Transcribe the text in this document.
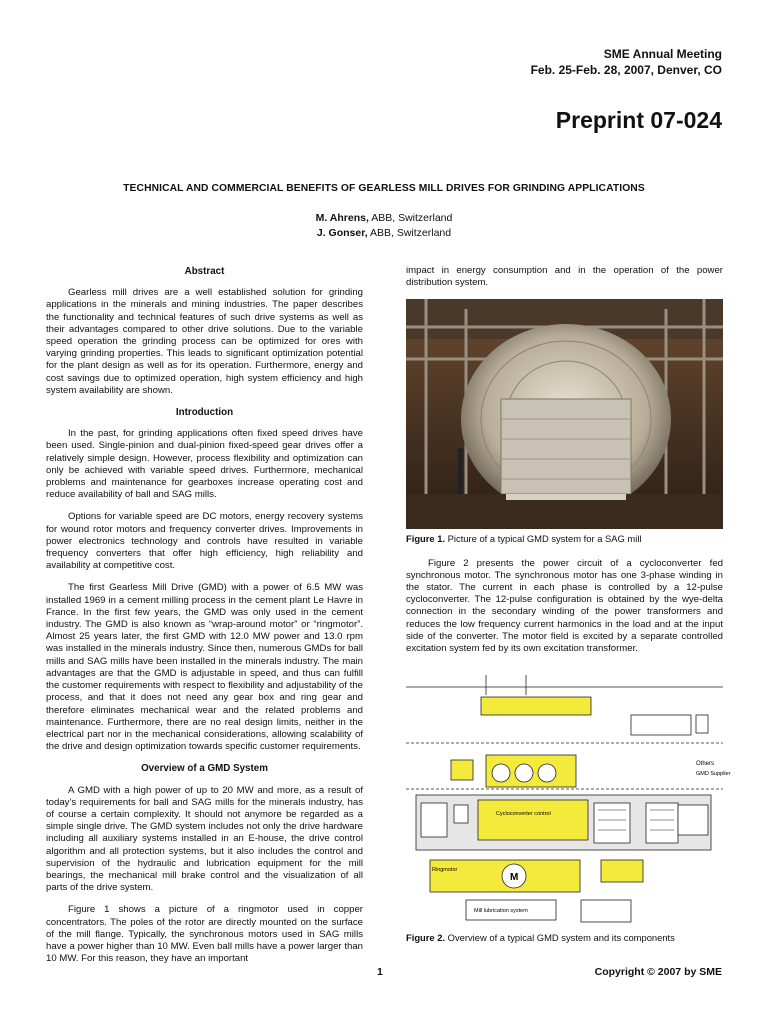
SME Annual Meeting
Feb. 25-Feb. 28, 2007, Denver, CO
Preprint 07-024
TECHNICAL AND COMMERCIAL BENEFITS OF GEARLESS MILL DRIVES FOR GRINDING APPLICATIONS
M. Ahrens, ABB, Switzerland
J. Gonser, ABB, Switzerland
Abstract

Gearless mill drives are a well established solution for grinding applications in the minerals and mining industries. The paper describes the functionality and technical features of such drive systems as well as their advantages compared to other drive solutions. Due to the variable speed operation the grinding process can be optimized for ores with varying grinding properties. This leads to significant optimization potential for the plant design as well as for its operation. Furthermore, energy and cost savings due to optimized operation, high system efficiency and high system availability are shown.

Introduction

In the past, for grinding applications often fixed speed drives have been used. Single-pinion and dual-pinion fixed-speed gear drives offer a relatively simple design. However, process flexibility and optimization can only be achieved with variable speed drives. Furthermore, mechanical problems and maintenance for gearboxes increase operating cost and reduce availability of ball and SAG mills.

Options for variable speed are DC motors, energy recovery systems for wound rotor motors and frequency converter drives. Improvements in power electronics technology and controls have resulted in variable frequency converters that offer high efficiency, high reliability and availability at competitive cost.

The first Gearless Mill Drive (GMD) with a power of 6.5 MW was installed 1969 in a cement milling process in the cement plant Le Havre in France. In the first few years, the GMD was only used in the cement industry. The GMD is also known as “wrap-around motor” or “ringmotor”. Almost 25 years later, the first GMD with 12.0 MW power and 13.0 rpm was installed in the minerals industry. Since then, numerous GMDs for ball mills and SAG mills have been installed in the minerals industry. The main advantages are that the GMD is adjustable in speed, and thus can fulfill the customer requirements with respect to flexibility and adjustability of the process, and that it does not need any gear box and ring gear and therefore eliminates mechanical wear and the related problems and maintenance. Furthermore, there are no real design limits, neither in the electrical part nor in the mechanical considerations, allowing scalability of the drive and design optimization towards specific customer requirements.

Overview of a GMD System

A GMD with a high power of up to 20 MW and more, as a result of today’s requirements for ball and SAG mills for the minerals industry, has of course a certain complexity. It should not anymore be regarded as a simple single drive. The GMD system includes not only the drive hardware including all auxiliary systems installed in an E-house, the drive control algorithm and all protection systems, but it also includes the control and supervision of the hydraulic and lubrication equipment for the mill bearings, the mechanical mill brake control and the visualization of all parts of the drive system.

Figure 1 shows a picture of a ringmotor used in copper concentrators. The poles of the rotor are directly mounted on the surface of the mill flange. Typically, the synchronous motors used in SAG mills have a power higher than 10 MW. Even ball mills have a power larger than 10 MW. For this reason, they have an important

impact in energy consumption and in the operation of the power distribution system.

Figure 1. Picture of a typical GMD system for a SAG mill

Figure 2 presents the power circuit of a cycloconverter fed synchronous motor. The synchronous motor has one 3-phase winding in the stator. The current in each phase is controlled by a 12-pulse cycloconverter. The 12-pulse configuration is obtained by the wye-delta connection in the secondary winding of the power transformers and reduces the low frequency current harmonics in the load and at the input side of the converter. The motor field is excited by a separate controlled excitation system fed by its own excitation transformer.

Others
GMD Supplier
Cycloconverter control
Ringmotor
M
Mill lubrication system
Figure 2. Overview of a typical GMD system and its components
1	Copyright © 2007 by SME
